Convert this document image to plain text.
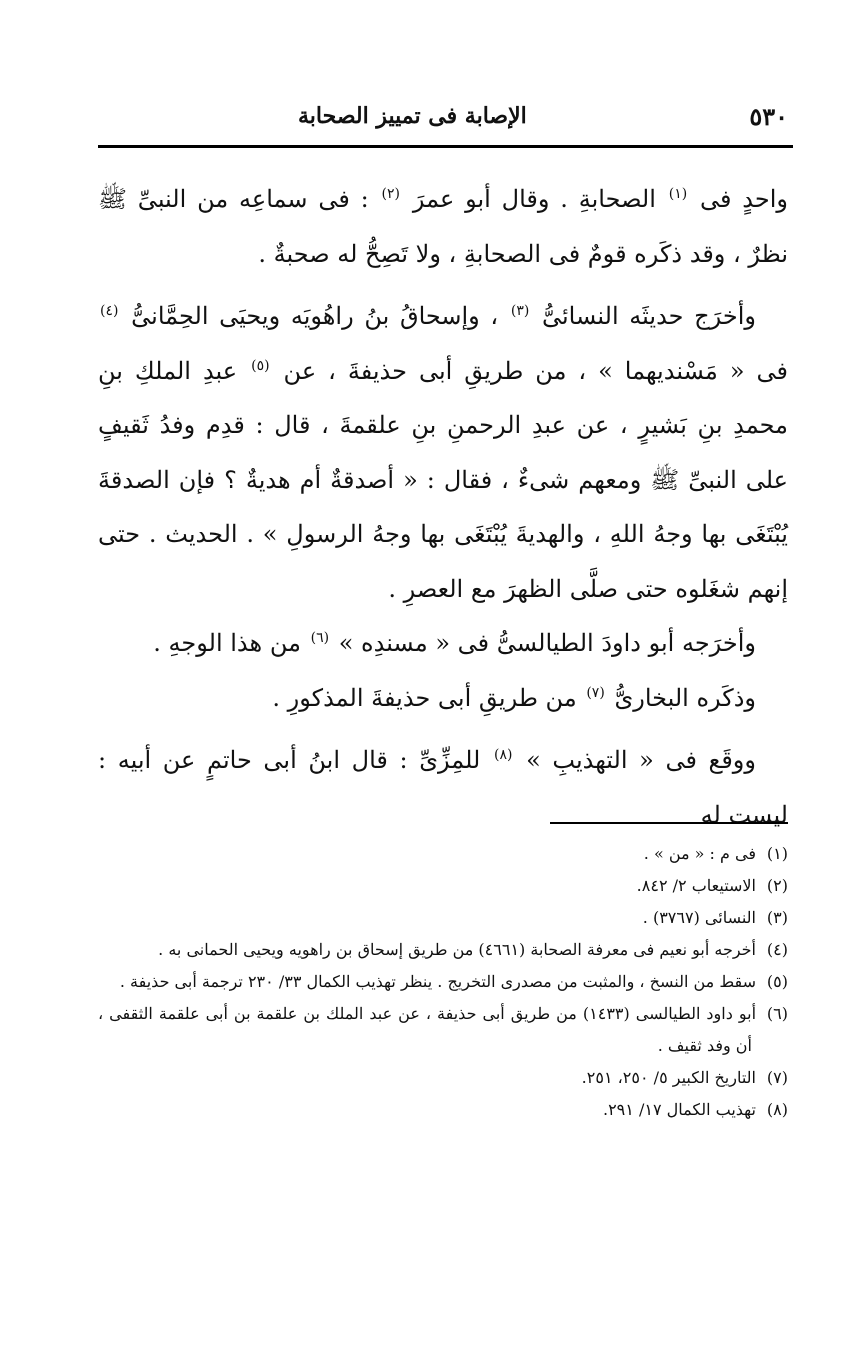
٥٣٠
الإصابة فى تمييز الصحابة

واحدٍ فى $^{(١)}$ الصحابةِ . وقال أبو عمرَ $^{(٢)}$ : فى سماعِه من النبىِّ ﷺ نظرٌ ، وقد ذكَره قومٌ فى الصحابةِ ، ولا تَصِحُّ له صحبةٌ .

وأخرَج حديثَه النسائىُّ $^{(٣)}$ ، وإسحاقُ بنُ راهُويَه ويحيَى الحِمَّانىُّ $^{(٤)}$ فى « مَسْنديهما » ، من طريقِ أبى حذيفةَ ، عن $^{(٥)}$ عبدِ الملكِ بنِ محمدِ بنِ بَشيرٍ ، عن عبدِ الرحمنِ بنِ علقمةَ ، قال : قدِم وفدُ ثَقيفٍ على النبىِّ ﷺ ومعهم شىءٌ ، فقال : « أصدقةٌ أم هديةٌ ؟ فإن الصدقةَ يُبْتَغَى بها وجهُ اللهِ ، والهديةَ يُبْتَغَى بها وجهُ الرسولِ » . الحديث . حتى إنهم شغَلوه حتى صلَّى الظهرَ مع العصرِ .

وأخرَجه أبو داودَ الطيالسىُّ فى « مسندِه » $^{(٦)}$ من هذا الوجهِ .

وذكَره البخارىُّ $^{(٧)}$ من طريقِ أبى حذيفةَ المذكورِ .

ووقَع فى « التهذيبِ » $^{(٨)}$ للمِزِّىِّ : قال ابنُ أبى حاتمٍ عن أبيه : ليست له

(١)فى م : « من » .

(٢)الاستيعاب ٢/ ٨٤٢.

(٣)النسائى (٣٧٦٧) .

(٤)أخرجه أبو نعيم فى معرفة الصحابة (٤٦٦١) من طريق إسحاق بن راهويه ويحيى الحمانى به .

(٥)سقط من النسخ ، والمثبت من مصدرى التخريج . ينظر تهذيب الكمال ٣٣/ ٢٣٠ ترجمة أبى حذيفة .

(٦)أبو داود الطيالسى (١٤٣٣) من طريق أبى حذيفة ، عن عبد الملك بن علقمة بن أبى علقمة الثقفى ، أن وفد ثقيف .

(٧)التاريخ الكبير ٥/ ٢٥٠، ٢٥١.

(٨)تهذيب الكمال ١٧/ ٢٩١.
